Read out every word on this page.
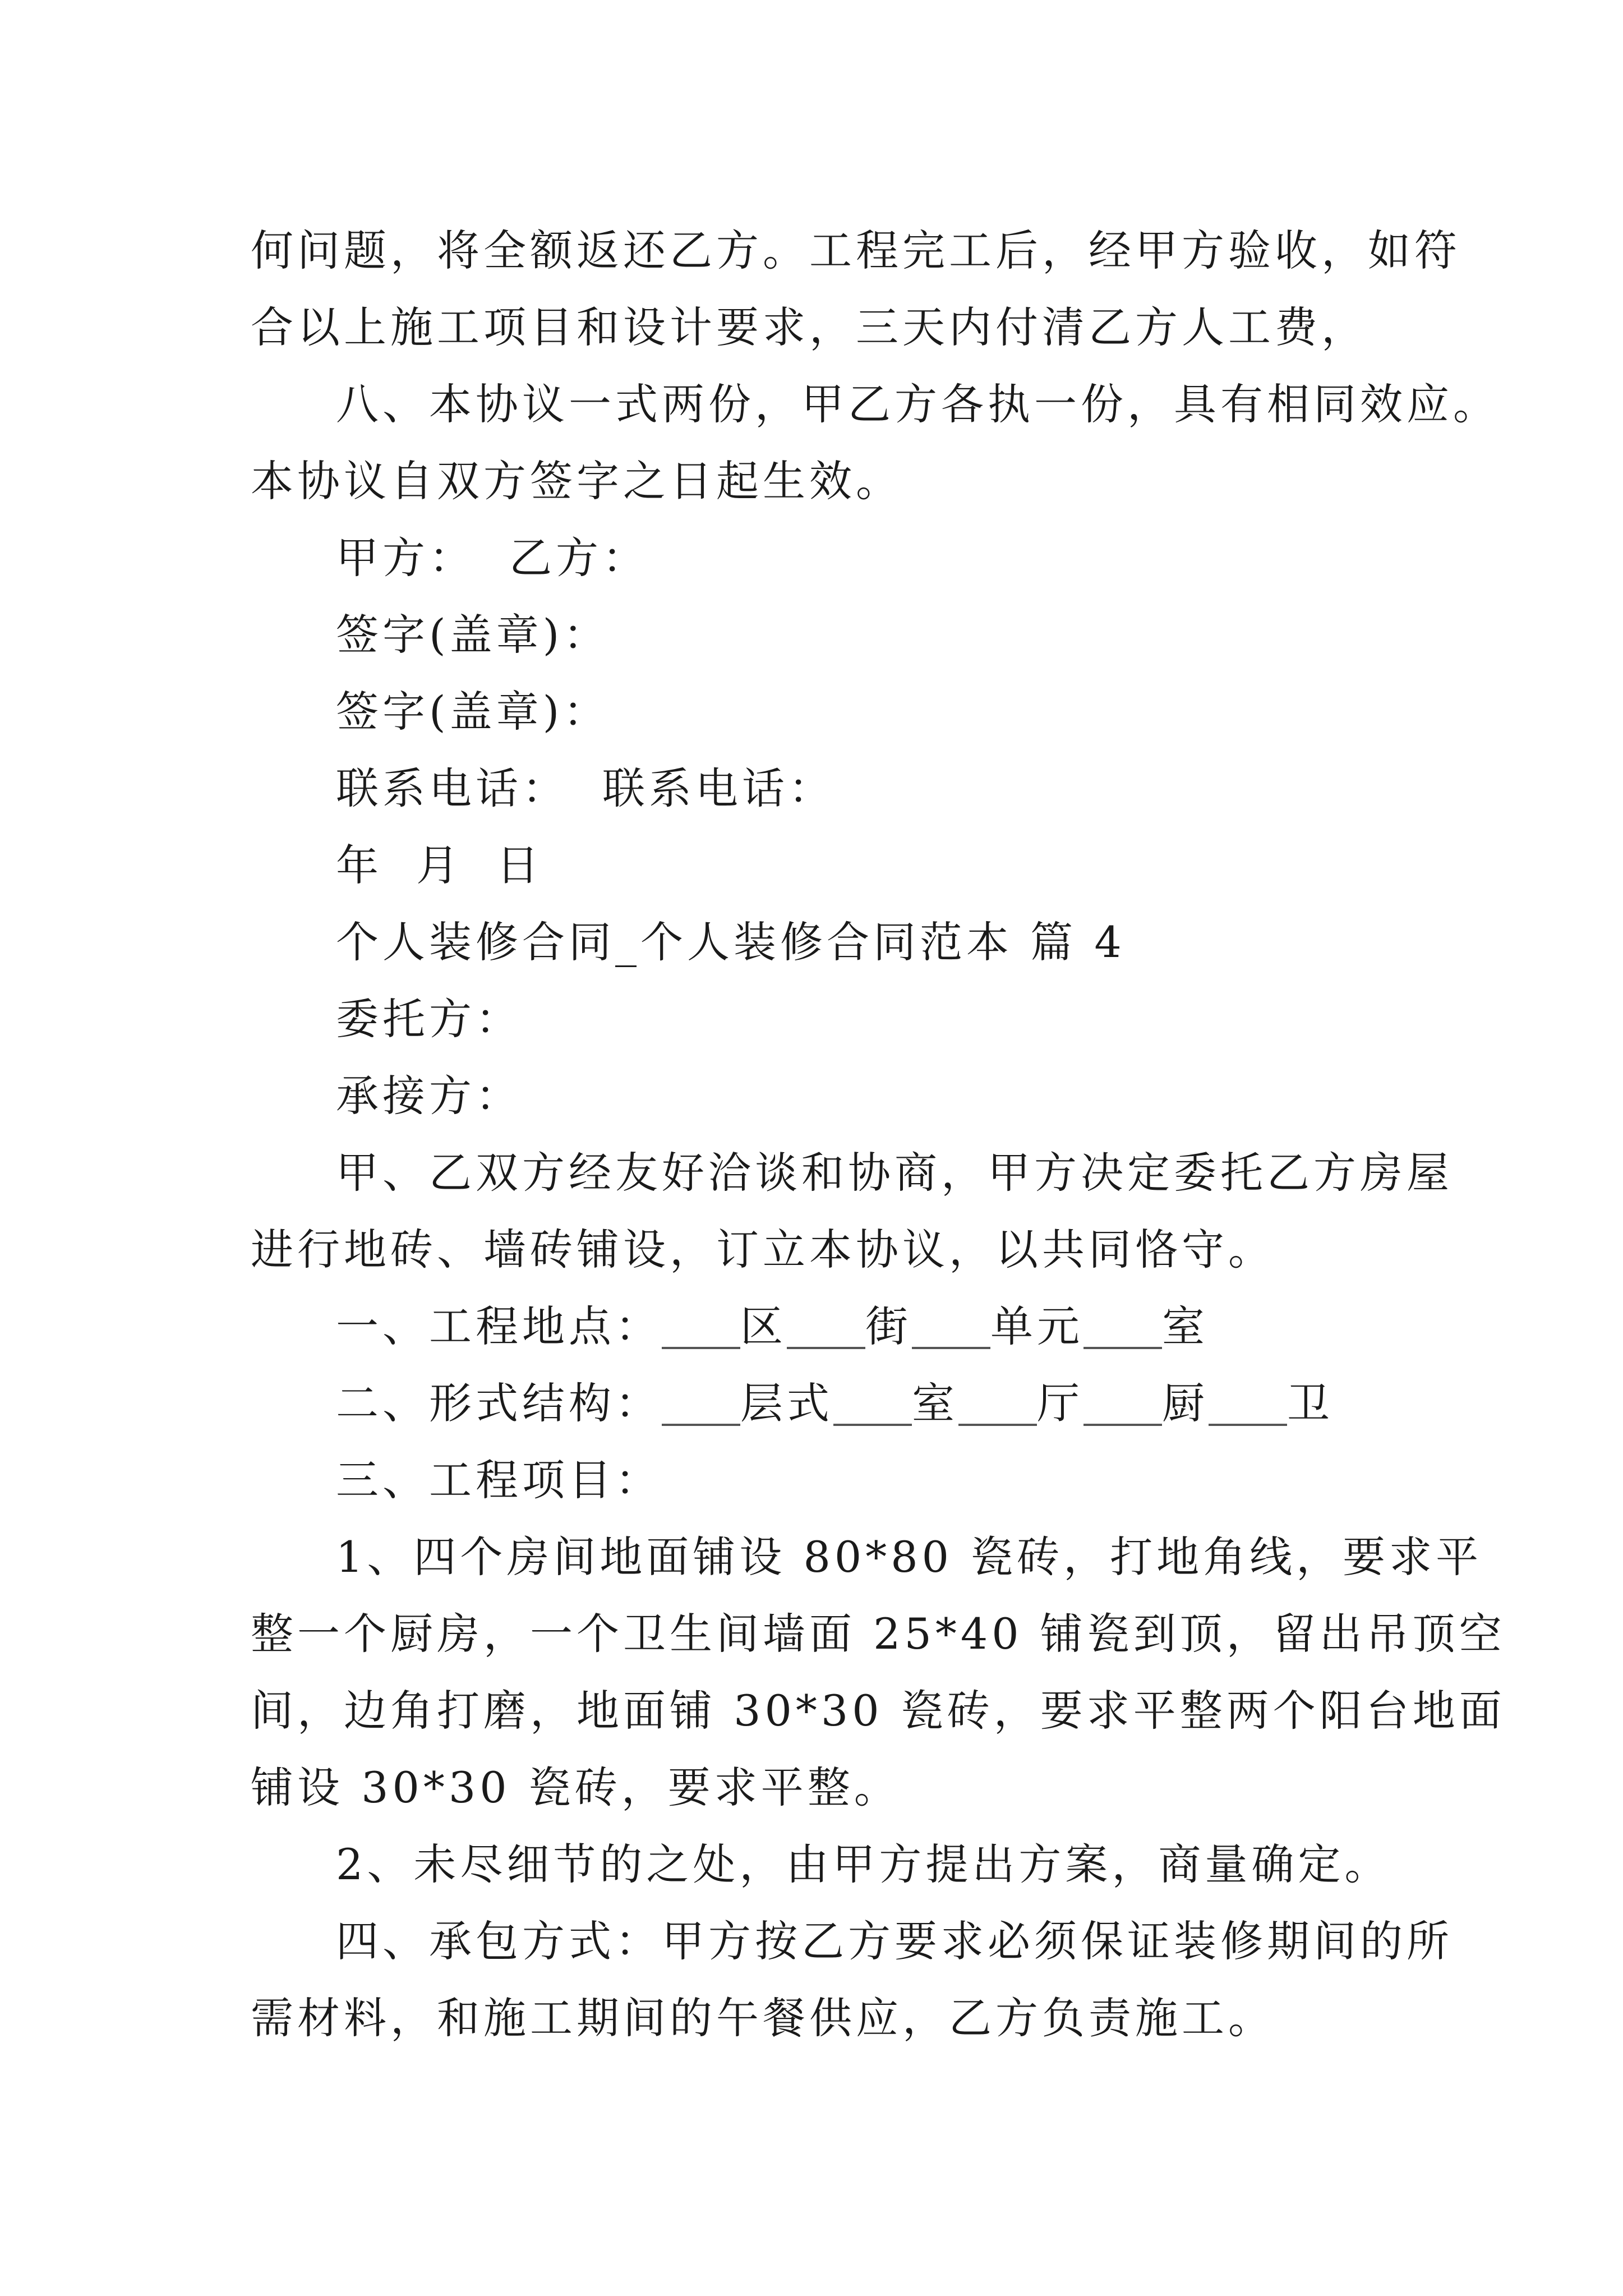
何问题，将全额返还乙方。工程完工后，经甲方验收，如符
合以上施工项目和设计要求，三天内付清乙方人工费，
八、本协议一式两份，甲乙方各执一份，具有相同效应。
本协议自双方签字之日起生效。
甲方： 乙方：
签字(盖章)：
签字(盖章)：
联系电话： 联系电话：
年 月 日
个人装修合同_个人装修合同范本 篇 4
委托方：
承接方：
甲、乙双方经友好洽谈和协商，甲方决定委托乙方房屋
进行地砖、墙砖铺设，订立本协议，以共同恪守。
一、工程地点： 区 街 单元 室
二、形式结构： 层式 室 厅 厨 卫
三、工程项目：
1、四个房间地面铺设 80*80 瓷砖，打地角线，要求平
整一个厨房，一个卫生间墙面 25*40 铺瓷到顶，留出吊顶空
间，边角打磨，地面铺 30*30 瓷砖，要求平整两个阳台地面
铺设 30*30 瓷砖，要求平整。
2、未尽细节的之处，由甲方提出方案，商量确定。
四、承包方式：甲方按乙方要求必须保证装修期间的所
需材料，和施工期间的午餐供应，乙方负责施工。
